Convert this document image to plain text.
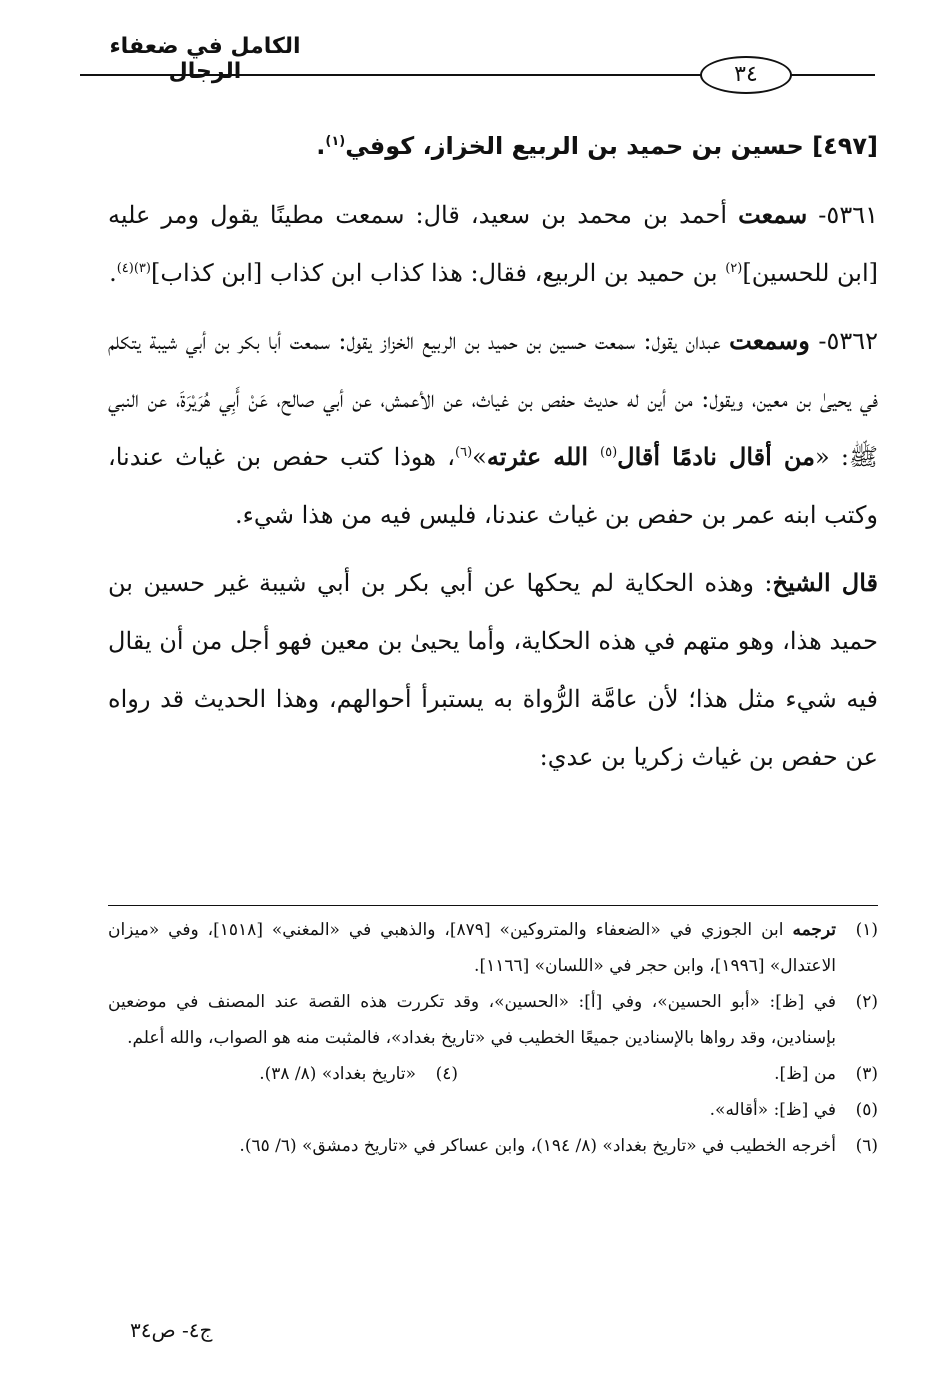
الكامل في ضعفاء الرجال	٣٤

[٤٩٧] حسين بن حميد بن الربيع الخزاز، كوفي$^{(١)}$.

٥٣٦١- سمعت أحمد بن محمد بن سعيد، قال: سمعت مطينًا يقول ومر عليه [ابن للحسين]$^{(٢)}$ بن حميد بن الربيع، فقال: هذا كذاب ابن كذاب [ابن كذاب]$^{(٣)(٤)}$.

٥٣٦٢- وسمعت عبدان يقول: سمعت حسين بن حميد بن الربيع الخزاز يقول: سمعت أبا بكر بن أبي شيبة يتكلم في يحيىٰ بن معين، ويقول: من أين له حديث حفص بن غياث، عن الأعمش، عن أبي صالح، عَنْ أَبِي هُرَيْرَةَ، عن النبي ﷺ: «من أقال نادمًا أقال$^{(٥)}$ الله عثرته»$^{(٦)}$، هوذا كتب حفص بن غياث عندنا، وكتب ابنه عمر بن حفص بن غياث عندنا، فليس فيه من هذا شيء.

قال الشيخ: وهذه الحكاية لم يحكها عن أبي بكر بن أبي شيبة غير حسين بن حميد هذا، وهو متهم في هذه الحكاية، وأما يحيىٰ بن معين فهو أجل من أن يقال فيه شيء مثل هذا؛ لأن عامَّة الرُّواة به يستبرأ أحوالهم، وهذا الحديث قد رواه عن حفص بن غياث زكريا بن عدي:

(١)
ترجمه ابن الجوزي في «الضعفاء والمتروكين» [٨٧٩]، والذهبي في «المغني» [١٥١٨]، وفي «ميزان الاعتدال» [١٩٩٦]، وابن حجر في «اللسان» [١١٦٦].
(٢)
في [ظ]: «أبو الحسين»، وفي [أ]: «الحسين»، وقد تكررت هذه القصة عند المصنف في موضعين بإسنادين، وقد رواها بالإسنادين جميعًا الخطيب في «تاريخ بغداد»، فالمثبت منه هو الصواب، والله أعلم.
(٣)
من [ظ].
(٤)
«تاريخ بغداد» (٨/ ٣٨).
(٥)
في [ظ]: «أقاله».
(٦)
أخرجه الخطيب في «تاريخ بغداد» (٨/ ١٩٤)، وابن عساكر في «تاريخ دمشق» (٦/ ٦٥).
ج٤- ص٣٤
